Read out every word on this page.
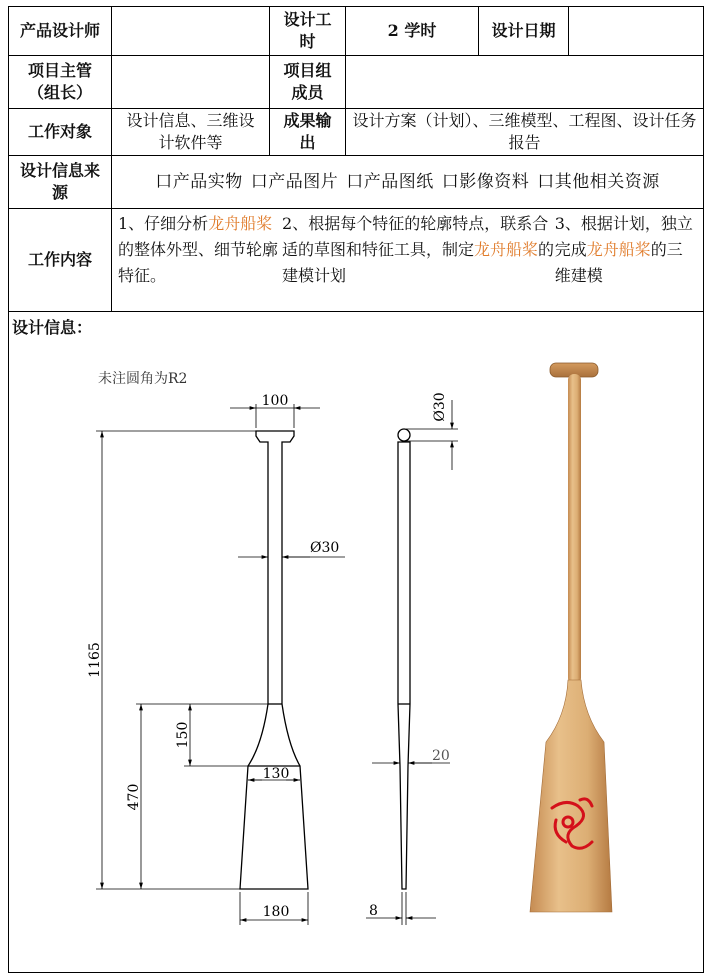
产品设计师
设计工时
2 学时	设计日期
项目主管（组长）
项目组成员
工作对象
设计信息、三维设计软件等
成果输出
设计方案（计划）、三维模型、工程图、设计任务报告
设计信息来源
口产品实物 口产品图片 口产品图纸 口影像资料 口其他相关资源
工作内容
1、仔细分析龙舟船桨的整体外型、细节轮廓特征。
2、根据每个特征的轮廓特点，联系合适的草图和特征工具，制定龙舟船桨的建模计划
3、根据计划，独立完成龙舟船桨的三维建模
设计信息：
未注圆角为R2
100
Ø30
1165
470
150
130
180
Ø30
20
8
